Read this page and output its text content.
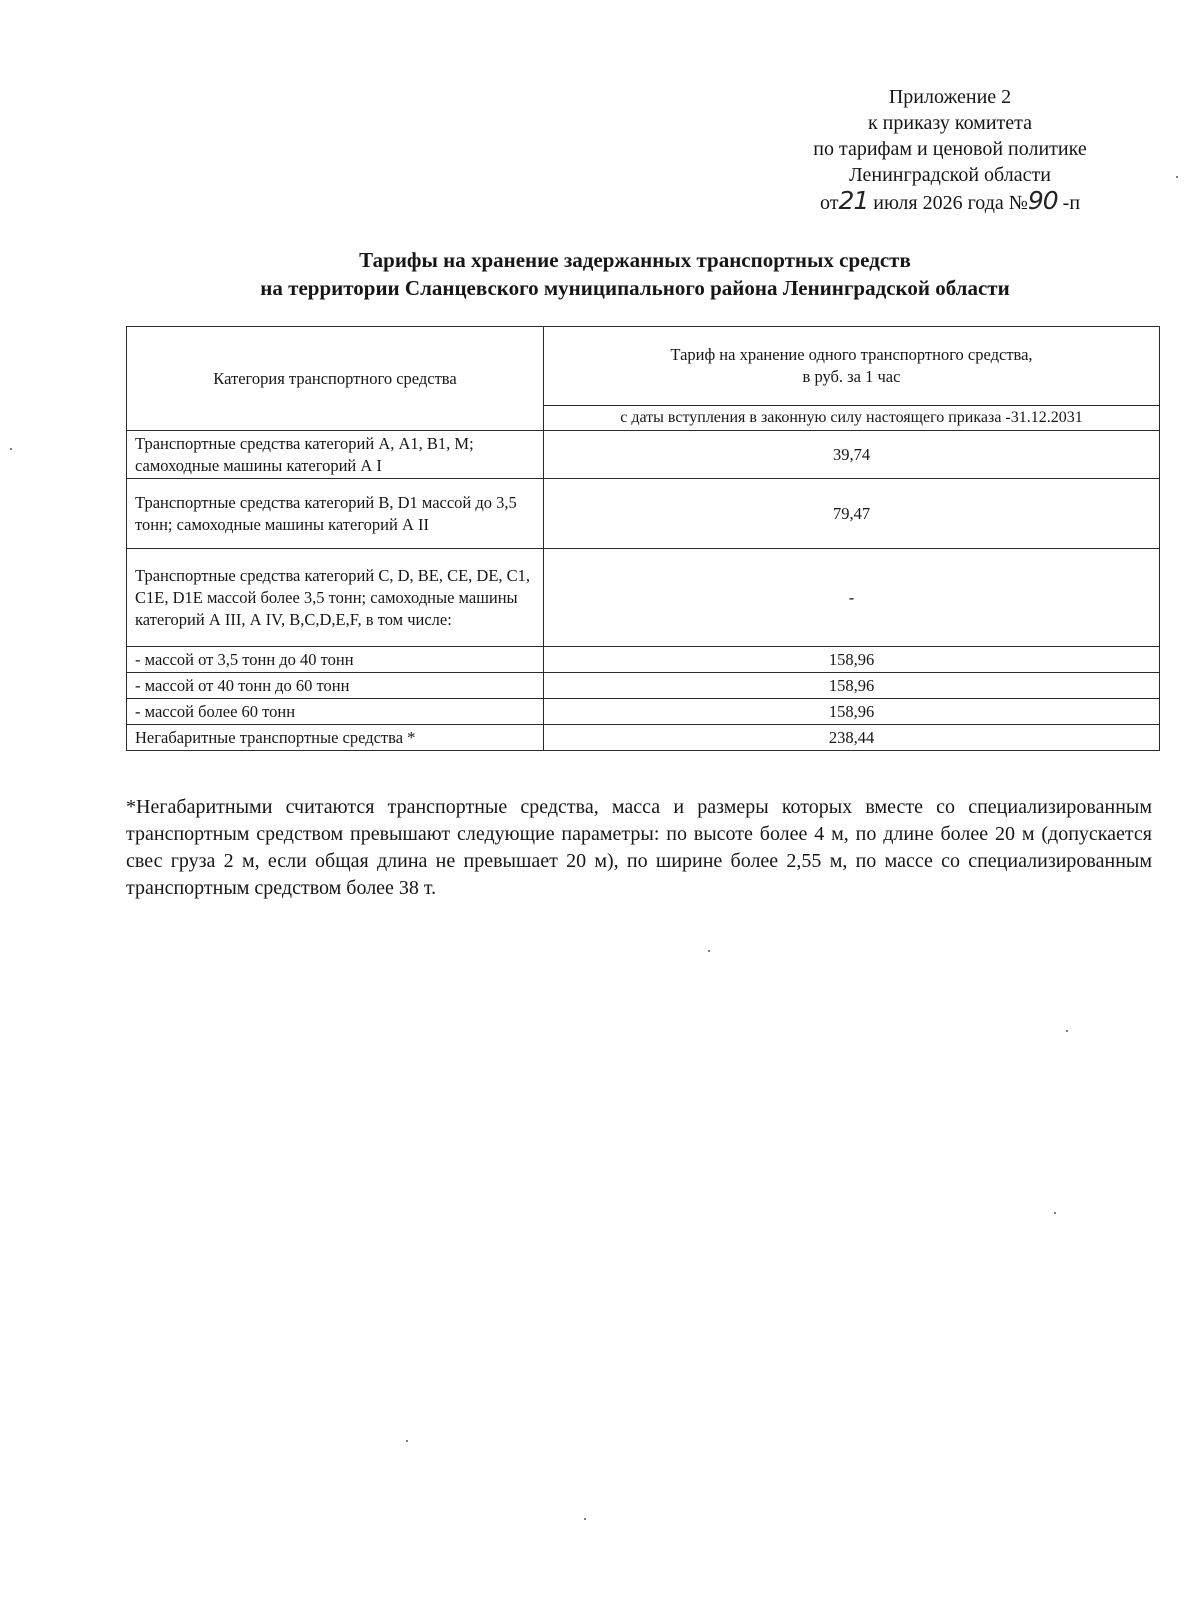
Приложение 2
к приказу комитета
по тарифам и ценовой политике
Ленинградской области
от21 июля 2026 года №90 -п
Тарифы на хранение задержанных транспортных средств
на территории Сланцевского муниципального района Ленинградской области
Категория транспортного средства	Тариф на хранение одного транспортного средства,
в руб. за 1 час

	с даты вступления в законную силу настоящего приказа -31.12.2031
Транспортные средства категорий А, А1, В1, М; самоходные машины категорий А I	39,74
Транспортные средства категорий В, D1 массой до 3,5 тонн; самоходные машины категорий А II	79,47
Транспортные средства категорий С, D, ВЕ, СЕ, DE, С1, С1Е, D1E массой более 3,5 тонн; самоходные машины категорий А III, А IV, В,С,D,E,F, в том числе:	-
- массой от 3,5 тонн до 40 тонн	158,96
- массой от 40 тонн до 60 тонн	158,96
- массой более 60 тонн	158,96
Негабаритные транспортные средства *	238,44

*Негабаритными считаются транспортные средства, масса и размеры которых вместе со специализированным транспортным средством превышают следующие параметры: по высоте более 4 м, по длине более 20 м (допускается свес груза 2 м, если общая длина не превышает 20 м), по ширине более 2,55 м, по массе со специализированным транспортным средством более 38 т.
